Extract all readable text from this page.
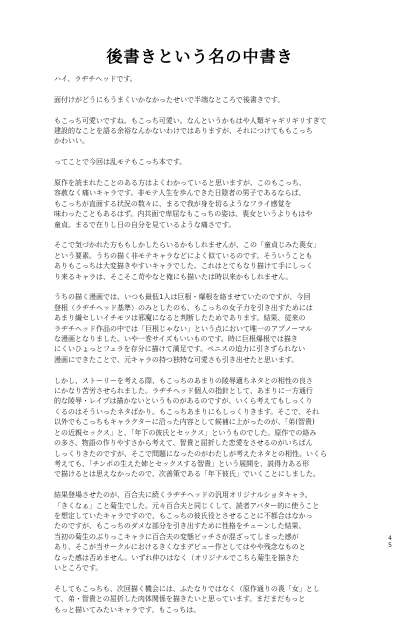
後書きという名の中書き

ハイ、ラヂチヘッドです。

面付けがどうにもうまくいかなかったせいで半端なところで後書きです。

もこっち可愛いですね。もこっち可愛い。なんというかもはや人類ギャギリギリすぎて
建設的なことを語る余裕なんかないわけではありますが、それにつけてももこっち
かわいい。

ってことで今回は乱モテもこっち本です。

原作を読まれたことのある方はよくわかっていると思いますが、このもこっち、
容赦なく痛いキャラです。非モテ人生を歩んできた日陰者の男子であるならば、
もこっちが直面する状況の数々に、まるで我が身を切るようなフライ感覚を
味わったこともあるはず。内共面で卑屈なもこっちの姿は、喪女というよりもはや
童貞。まるで在りし日の自分を見ているような痛さです。

そこで気づかれた方ももしかしたらいるかもしれませんが、この「童貞じみた喪女」
という要素。うちの描く非モテキャラなどによく似ているのです。そういうことも
ありもこっちは大変描きやすいキャラでした。これはとてもなり描けて手にしっく
り来るキャラは、そこそこ苛やなと俺にも描いたは時以来かもしれません。

うちの描く漫画では、いつも最低1人は巨根・爆根を絡ませていたのですが、今回
登根（ラヂチヘッド基準）のみとしたのも、もこっちの女子力を引き出すためには
あまり繊セしいイチモツは邪魔になると判断したためであります。結果、従来の
ラヂチヘッド作品の中では「巨根じゃない」という点において唯一のアブノーマル
な漫画となりました。いや一巻サイズもいいものです。時に巨根爆根では描き
にくいひょっとフェラを存分に描けて満足です。ペニスの迫力に引きずられない
漫画にできたことで、元キャラの持つ独特な可愛さも引き出せたと思います。

しかし、ストーリーを考える際、もこっちのあまりの陵辱適ちネタとの相性の良さ
にかなり苦労させられました。ラヂチヘッド個人の指針として、あまりに一方通行
的な陵辱・レイプは描かないというものがあるのですが、いくら考えてもしっくり
くるのはそういったネタばかり。もこっちあまりにもしっくりきます。そこで、それ
以外でもこっちもキャラクターに沿った内容として候補に上がったのが、「弟(智貴)
との近親セックス」と、「年下の彼氏とセックス」というものでした。原作での絡み
の多さ、物語の作りやすさから考えて、智貴と屈折した恋愛をさせるのがいちばん
しっくりきたのですが、そこで問題になったのがわたしが考えたネタとの相性。いくら
考えても、「チンボの生えた姉とセックスする智貴」という展開を、説得力ある形
で描けるとは思えなかったので、次善策である「年下彼氏」でいくことにしました。

結果登場させたのが、百合夫に続くラヂチヘッドの汎用オリジナルショタキャラ。
「きくなぁ」こと菊生でした。元々百合夫と同じくして、読者アバター的に使うこと
を想定していたキャラですので、もこっちの彼氏役とさせることに不都合はなかっ
たのですが、もこっちのダメな部分を引き出すために性格をチューンした結果、
当初の菊生のぶりっこキャラに百合夫の変態ビッチさが混ざってしまった感が
あり、そこが当サークルにおけるきくなまデビュー作としてはやや残念なものと
なった感は否めません。いずれ仲ひはなく（オリジナルでこちら菊生を描きた
いところです。

そしてもこっちも、次回描く機会には、ふたなりではなく（原作通りの喪「女」とし
て、弟・智貴との屈折した肉体関係を描きたいと思っています。まだまだもっと
もっと描いてみたいキャラです、もこっちは。

4
5
